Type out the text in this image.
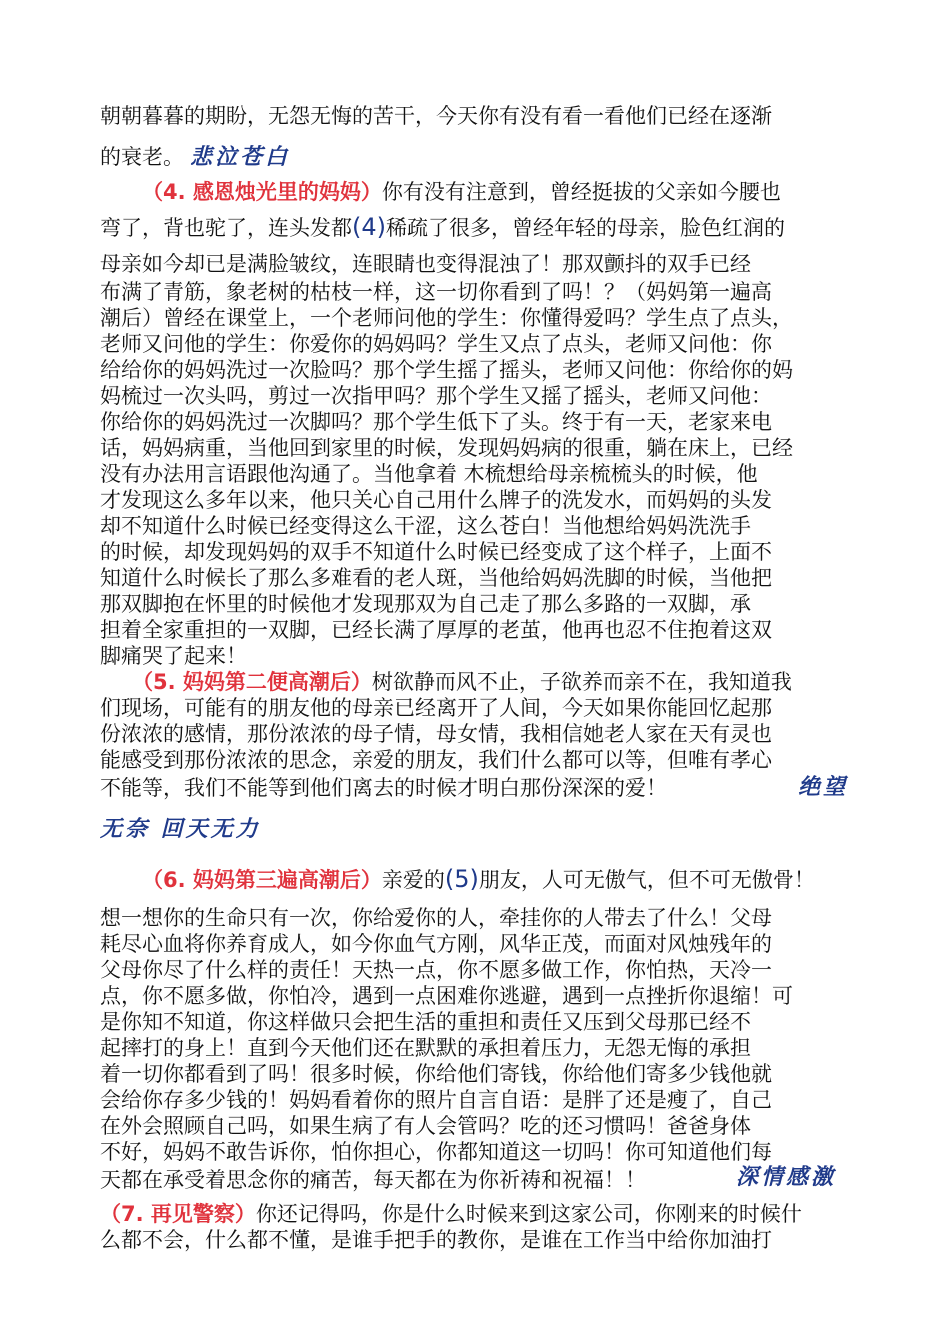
朝朝暮暮的期盼，无怨无悔的苦干，今天你有没有看一看他们已经在逐渐
的衰老。 悲泣苍白
（4. 感恩烛光里的妈妈）你有没有注意到，曾经挺拔的父亲如今腰也
弯了，背也驼了，连头发都(4)稀疏了很多，曾经年轻的母亲，脸色红润的
母亲如今却已是满脸皱纹，连眼睛也变得混浊了！那双颤抖的双手已经
布满了青筋，象老树的枯枝一样，这一切你看到了吗！？（妈妈第一遍高
潮后）曾经在课堂上，一个老师问他的学生：你懂得爱吗？学生点了点头，
老师又问他的学生：你爱你的妈妈吗？学生又点了点头，老师又问他：你
给给你的妈妈洗过一次脸吗？那个学生摇了摇头，老师又问他：你给你的妈
妈梳过一次头吗，剪过一次指甲吗？那个学生又摇了摇头，老师又问他：
你给你的妈妈洗过一次脚吗？那个学生低下了头。终于有一天，老家来电
话，妈妈病重，当他回到家里的时候，发现妈妈病的很重，躺在床上，已经
没有办法用言语跟他沟通了。当他拿着 木梳想给母亲梳梳头的时候，他
才发现这么多年以来，他只关心自己用什么牌子的洗发水，而妈妈的头发
却不知道什么时候已经变得这么干涩，这么苍白！当他想给妈妈洗洗手
的时候，却发现妈妈的双手不知道什么时候已经变成了这个样子，上面不
知道什么时候长了那么多难看的老人斑，当他给妈妈洗脚的时候，当他把
那双脚抱在怀里的时候他才发现那双为自己走了那么多路的一双脚，承
担着全家重担的一双脚，已经长满了厚厚的老茧，他再也忍不住抱着这双
脚痛哭了起来！
（5. 妈妈第二便高潮后）树欲静而风不止，子欲养而亲不在，我知道我
们现场，可能有的朋友他的母亲已经离开了人间，今天如果你能回忆起那
份浓浓的感情，那份浓浓的母子情，母女情，我相信她老人家在天有灵也
能感受到那份浓浓的思念，亲爱的朋友，我们什么都可以等，但唯有孝心
不能等，我们不能等到他们离去的时候才明白那份深深的爱！	绝望
无奈 回天无力
（6. 妈妈第三遍高潮后）亲爱的(5)朋友，人可无傲气，但不可无傲骨！
想一想你的生命只有一次，你给爱你的人，牵挂你的人带去了什么！父母
耗尽心血将你养育成人，如今你血气方刚，风华正茂，而面对风烛残年的
父母你尽了什么样的责任！天热一点，你不愿多做工作，你怕热，天冷一
点，你不愿多做，你怕冷，遇到一点困难你逃避，遇到一点挫折你退缩！可
是你知不知道，你这样做只会把生活的重担和责任又压到父母那已经不
起摔打的身上！直到今天他们还在默默的承担着压力，无怨无悔的承担
着一切你都看到了吗！很多时候，你给他们寄钱，你给他们寄多少钱他就
会给你存多少钱的！妈妈看着你的照片自言自语：是胖了还是瘦了，自己
在外会照顾自己吗，如果生病了有人会管吗？吃的还习惯吗！爸爸身体
不好，妈妈不敢告诉你，怕你担心，你都知道这一切吗！你可知道他们每
天都在承受着思念你的痛苦，每天都在为你祈祷和祝福！！	深情感激
（7. 再见警察）你还记得吗，你是什么时候来到这家公司，你刚来的时候什
么都不会，什么都不懂，是谁手把手的教你，是谁在工作当中给你加油打
